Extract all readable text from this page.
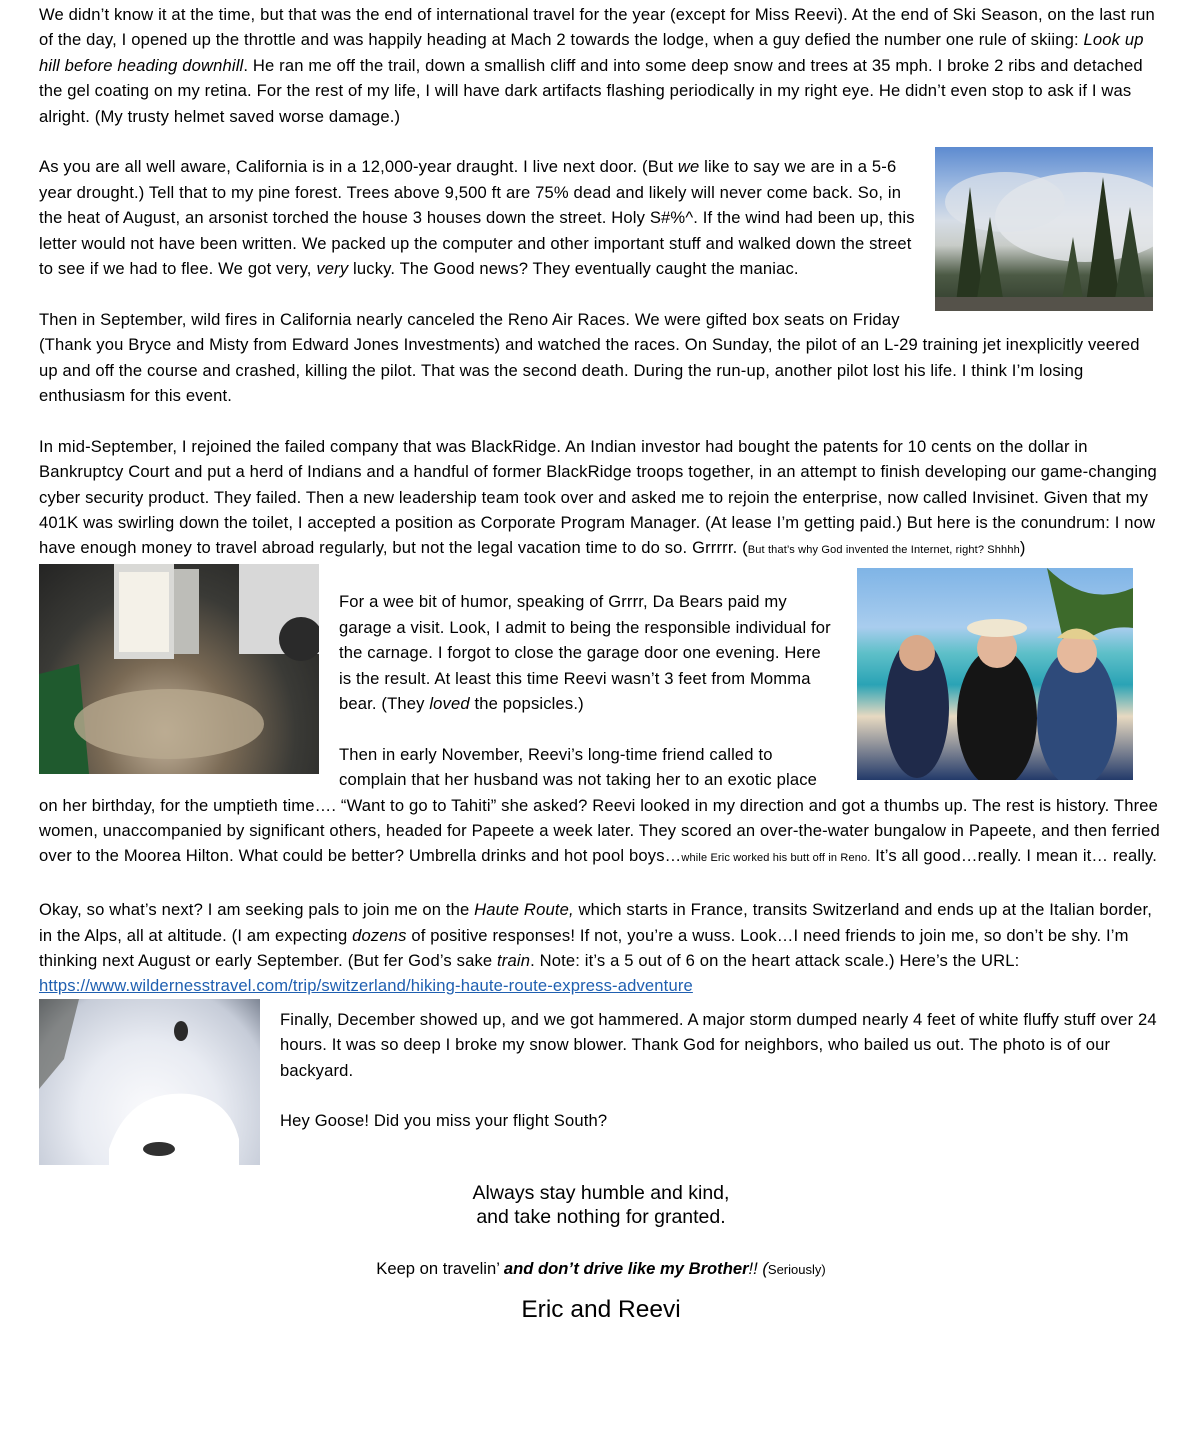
We didn’t know it at the time, but that was the end of international travel for the year (except for Miss Reevi). At the end of Ski Season, on the last run of the day, I opened up the throttle and was happily heading at Mach 2 towards the lodge, when a guy defied the number one rule of skiing: Look up hill before heading downhill. He ran me off the trail, down a smallish cliff and into some deep snow and trees at 35 mph. I broke 2 ribs and detached the gel coating on my retina. For the rest of my life, I will have dark artifacts flashing periodically in my right eye. He didn’t even stop to ask if I was alright. (My trusty helmet saved worse damage.)

As you are all well aware, California is in a 12,000-year draught. I live next door. (But we like to say we are in a 5-6 year drought.) Tell that to my pine forest. Trees above 9,500 ft are 75% dead and likely will never come back. So, in the heat of August, an arsonist torched the house 3 houses down the street. Holy S#%^. If the wind had been up, this letter would not have been written. We packed up the computer and other important stuff and walked down the street to see if we had to flee. We got very, very lucky. The Good news? They eventually caught the maniac.

Then in September, wild fires in California nearly canceled the Reno Air Races. We were gifted box seats on Friday (Thank you Bryce and Misty from Edward Jones Investments) and watched the races. On Sunday, the pilot of an L-29 training jet inexplicitly veered up and off the course and crashed, killing the pilot. That was the second death. During the run-up, another pilot lost his life. I think I’m losing enthusiasm for this event.

In mid-September, I rejoined the failed company that was BlackRidge. An Indian investor had bought the patents for 10 cents on the dollar in Bankruptcy Court and put a herd of Indians and a handful of former BlackRidge troops together, in an attempt to finish developing our game-changing cyber security product. They failed. Then a new leadership team took over and asked me to rejoin the enterprise, now called Invisinet. Given that my 401K was swirling down the toilet, I accepted a position as Corporate Program Manager. (At lease I’m getting paid.) But here is the conundrum: I now have enough money to travel abroad regularly, but not the legal vacation time to do so. Grrrrr. (But that’s why God invented the Internet, right? Shhhh)

For a wee bit of humor, speaking of Grrrr, Da Bears paid my garage a visit. Look, I admit to being the responsible individual for the carnage. I forgot to close the garage door one evening. Here is the result. At least this time Reevi wasn’t 3 feet from Momma bear. (They loved the popsicles.)

Then in early November, Reevi’s long-time friend called to complain that her husband was not taking her to an exotic place on her birthday, for the umptieth time…. “Want to go to Tahiti” she asked? Reevi looked in my direction and got a thumbs up. The rest is history. Three women, unaccompanied by significant others, headed for Papeete a week later. They scored an over-the-water bungalow in Papeete, and then ferried over to the Moorea Hilton. What could be better? Umbrella drinks and hot pool boys…while Eric worked his butt off in Reno. It’s all good…really. I mean it… really.

Okay, so what’s next? I am seeking pals to join me on the Haute Route, which starts in France, transits Switzerland and ends up at the Italian border, in the Alps, all at altitude. (I am expecting dozens of positive responses! If not, you’re a wuss. Look…I need friends to join me, so don’t be shy. I’m thinking next August or early September. (But fer God’s sake train. Note: it’s a 5 out of 6 on the heart attack scale.) Here’s the URL: https://www.wildernesstravel.com/trip/switzerland/hiking-haute-route-express-adventure

Finally, December showed up, and we got hammered. A major storm dumped nearly 4 feet of white fluffy stuff over 24 hours. It was so deep I broke my snow blower. Thank God for neighbors, who bailed us out. The photo is of our backyard.

Hey Goose! Did you miss your flight South?

Always stay humble and kind,
and take nothing for granted.
Keep on travelin’ and don’t drive like my Brother!! (Seriously)
Eric and Reevi
